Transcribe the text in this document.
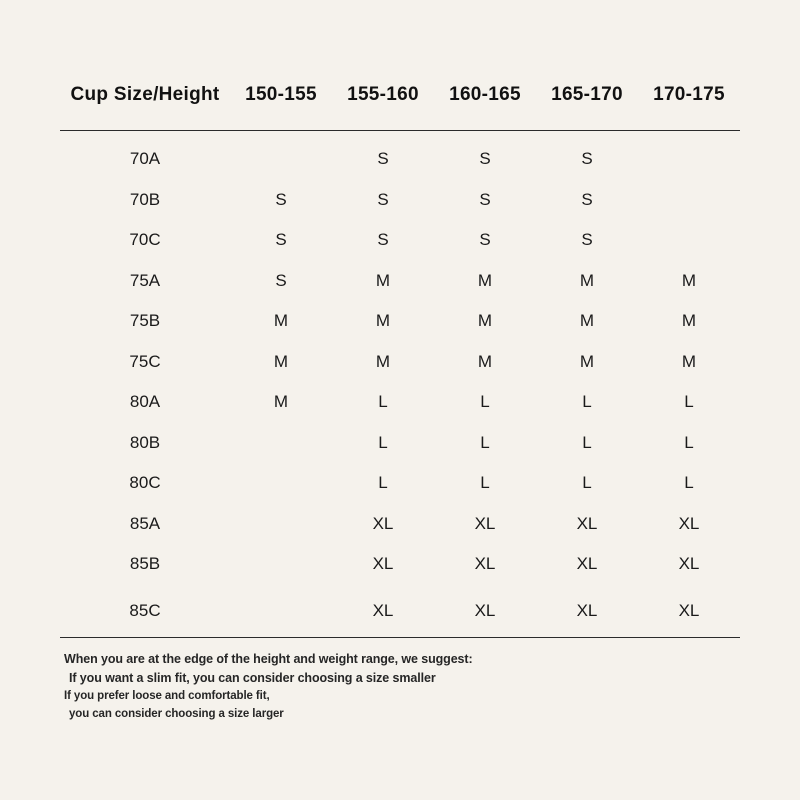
Cup Size/Height	150-155	155-160	160-165	165-170	170-175
70A		S	S	S	
70B	S	S	S	S	
70C	S	S	S	S	
75A	S	M	M	M	M
75B	M	M	M	M	M
75C	M	M	M	M	M
80A	M	L	L	L	L
80B		L	L	L	L
80C		L	L	L	L
85A		XL	XL	XL	XL
85B		XL	XL	XL	XL
85C		XL	XL	XL	XL
When you are at the edge of the height and weight range, we suggest:
If you want a slim fit, you can consider choosing a size smaller
If you prefer loose and comfortable fit,
you can consider choosing a size larger
